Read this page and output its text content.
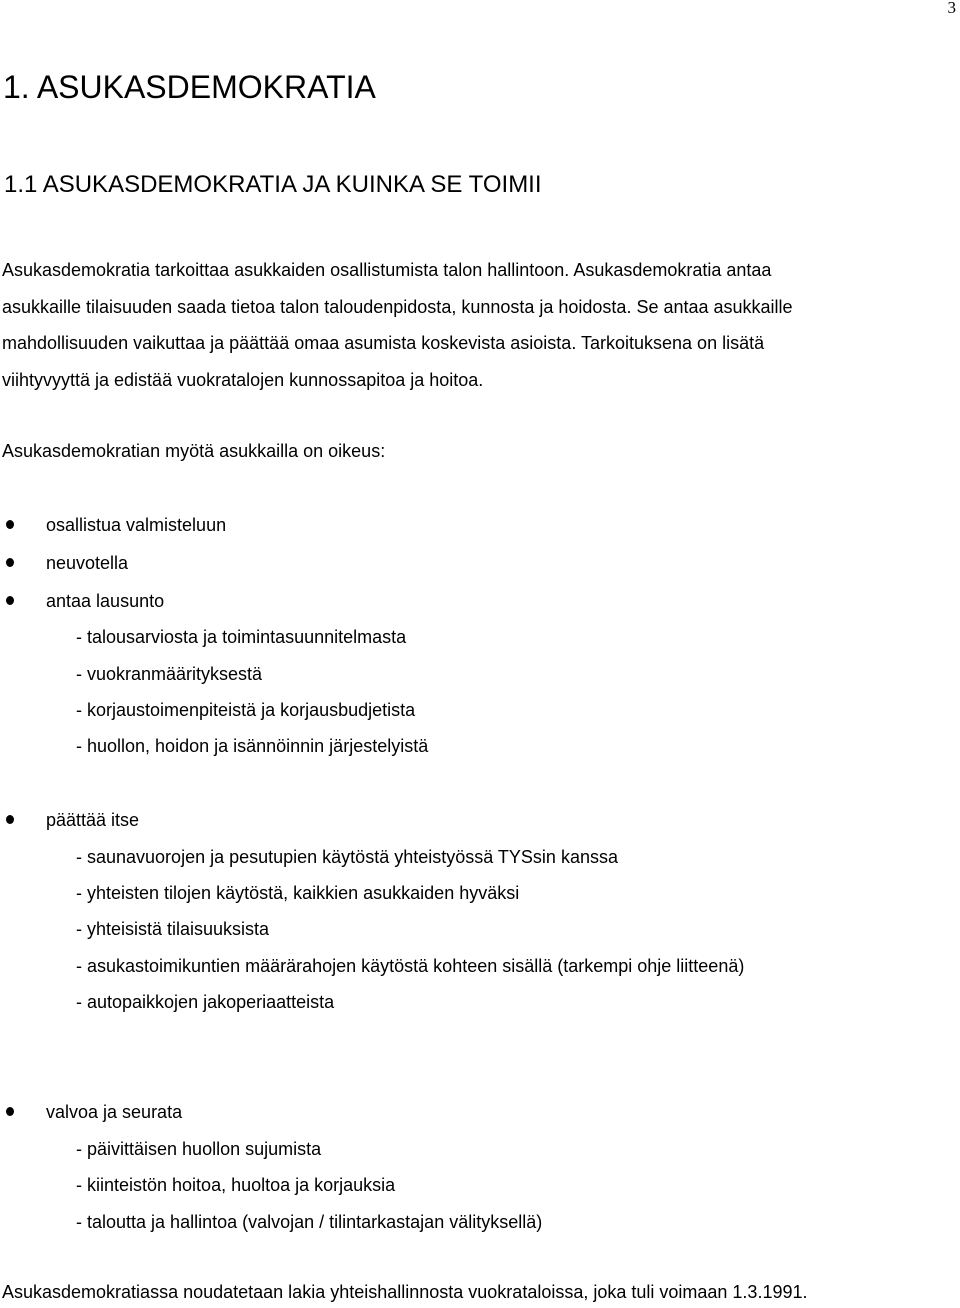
3
1. ASUKASDEMOKRATIA
1.1 ASUKASDEMOKRATIA JA KUINKA SE TOIMII
Asukasdemokratia tarkoittaa asukkaiden osallistumista talon hallintoon. Asukasdemokratia antaa
asukkaille tilaisuuden saada tietoa talon taloudenpidosta, kunnosta ja hoidosta. Se antaa asukkaille
mahdollisuuden vaikuttaa ja päättää omaa asumista koskevista asioista. Tarkoituksena on lisätä
viihtyvyyttä ja edistää vuokratalojen kunnossapitoa ja hoitoa.
Asukasdemokratian myötä asukkailla on oikeus:
osallistua valmisteluun
neuvotella
antaa lausunto
- talousarviosta ja toimintasuunnitelmasta
- vuokranmäärityksestä
- korjaustoimenpiteistä ja korjausbudjetista
- huollon, hoidon ja isännöinnin järjestelyistä
päättää itse
- saunavuorojen ja pesutupien käytöstä yhteistyössä TYSsin kanssa
- yhteisten tilojen käytöstä, kaikkien asukkaiden hyväksi
- yhteisistä tilaisuuksista
- asukastoimikuntien määrärahojen käytöstä kohteen sisällä (tarkempi ohje liitteenä)
- autopaikkojen jakoperiaatteista
valvoa ja seurata
- päivittäisen huollon sujumista
- kiinteistön hoitoa, huoltoa ja korjauksia
- taloutta ja hallintoa (valvojan / tilintarkastajan välityksellä)
Asukasdemokratiassa noudatetaan lakia yhteishallinnosta vuokrataloissa, joka tuli voimaan 1.3.1991.
